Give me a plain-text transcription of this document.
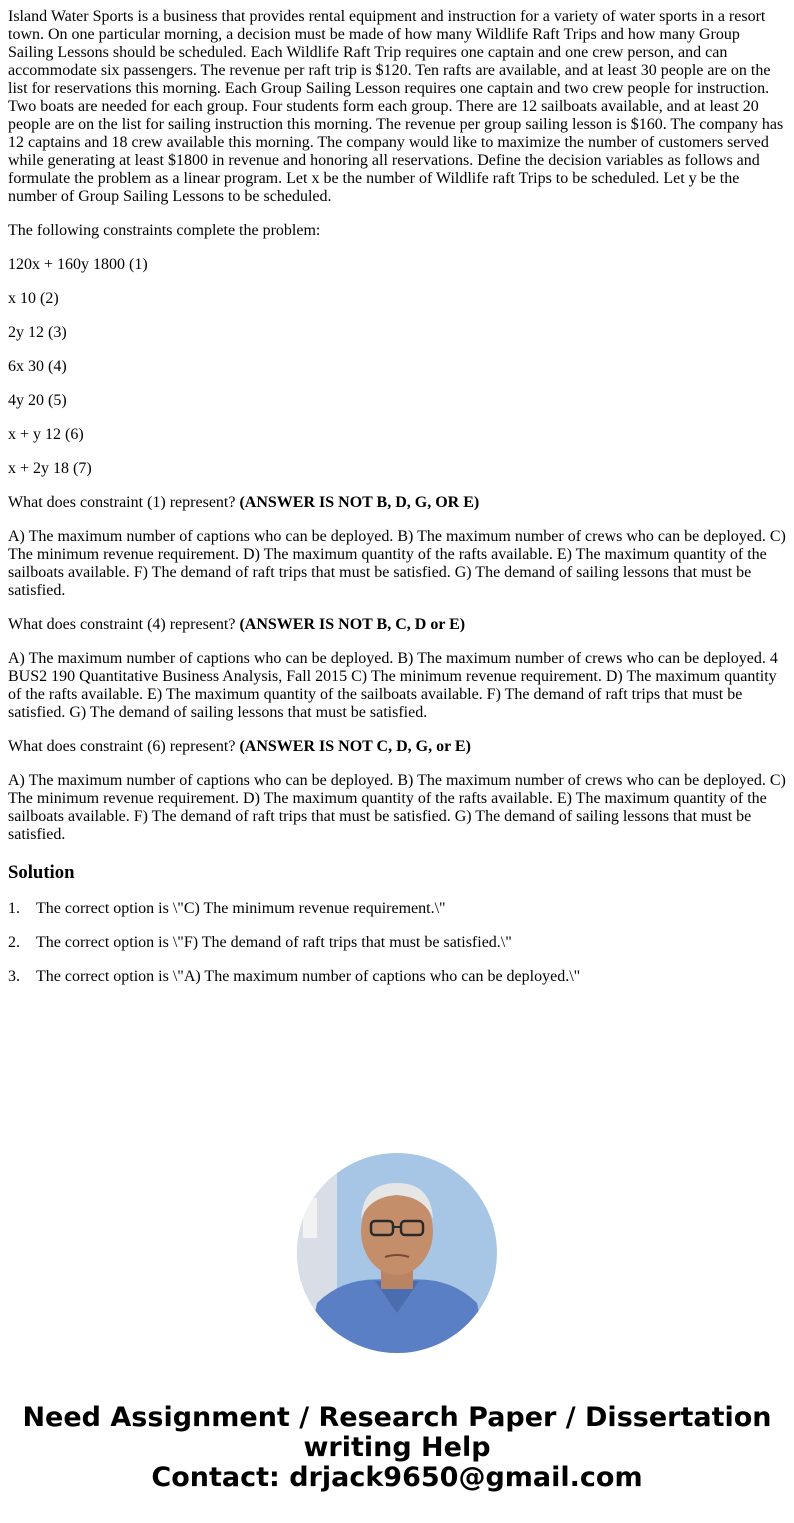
Island Water Sports is a business that provides rental equipment and instruction for a variety of water sports in a resort town. On one particular morning, a decision must be made of how many Wildlife Raft Trips and how many Group Sailing Lessons should be scheduled. Each Wildlife Raft Trip requires one captain and one crew person, and can accommodate six passengers. The revenue per raft trip is $120. Ten rafts are available, and at least 30 people are on the list for reservations this morning. Each Group Sailing Lesson requires one captain and two crew people for instruction. Two boats are needed for each group. Four students form each group. There are 12 sailboats available, and at least 20 people are on the list for sailing instruction this morning. The revenue per group sailing lesson is $160. The company has 12 captains and 18 crew available this morning. The company would like to maximize the number of customers served while generating at least $1800 in revenue and honoring all reservations. Define the decision variables as follows and formulate the problem as a linear program. Let x be the number of Wildlife raft Trips to be scheduled. Let y be the number of Group Sailing Lessons to be scheduled.

The following constraints complete the problem:

120x + 160y 1800 (1)

x 10 (2)

2y 12 (3)

6x 30 (4)

4y 20 (5)

x + y 12 (6)

x + 2y 18 (7)

What does constraint (1) represent? (ANSWER IS NOT B, D, G, OR E)

A) The maximum number of captions who can be deployed. B) The maximum number of crews who can be deployed. C) The minimum revenue requirement. D) The maximum quantity of the rafts available. E) The maximum quantity of the sailboats available. F) The demand of raft trips that must be satisfied. G) The demand of sailing lessons that must be satisfied.

What does constraint (4) represent? (ANSWER IS NOT B, C, D or E)

A) The maximum number of captions who can be deployed. B) The maximum number of crews who can be deployed. 4 BUS2 190 Quantitative Business Analysis, Fall 2015 C) The minimum revenue requirement. D) The maximum quantity of the rafts available. E) The maximum quantity of the sailboats available. F) The demand of raft trips that must be satisfied. G) The demand of sailing lessons that must be satisfied.

What does constraint (6) represent? (ANSWER IS NOT C, D, G, or E)

A) The maximum number of captions who can be deployed. B) The maximum number of crews who can be deployed. C) The minimum revenue requirement. D) The maximum quantity of the rafts available. E) The maximum quantity of the sailboats available. F) The demand of raft trips that must be satisfied. G) The demand of sailing lessons that must be satisfied.

Solution
1.	The correct option is \"C) The minimum revenue requirement.\"
2.	The correct option is \"F) The demand of raft trips that must be satisfied.\"
3.	The correct option is \"A) The maximum number of captions who can be deployed.\"
Need Assignment / Research Paper / Dissertation
writing Help
Contact: drjack9650@gmail.com
